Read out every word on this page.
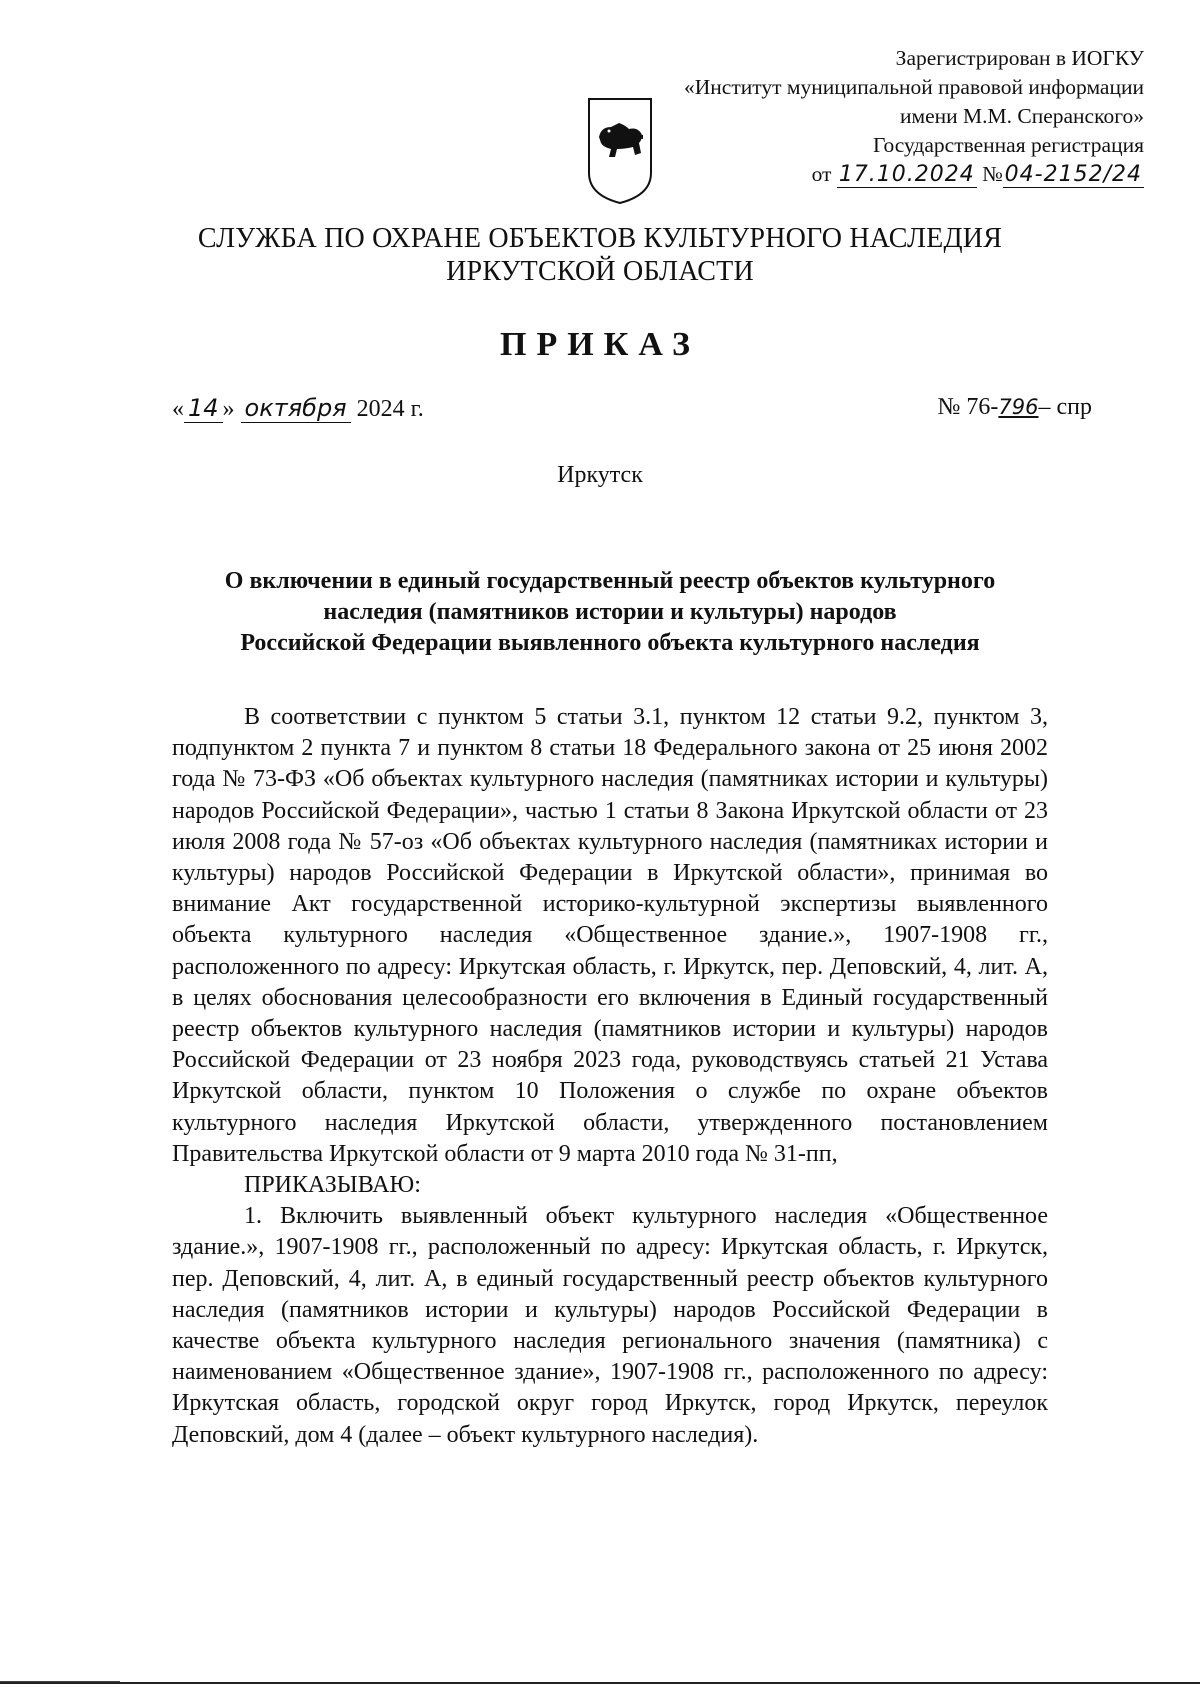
Зарегистрирован в ИОГКУ
«Институт муниципальной правовой информации
имени М.М. Сперанского»
Государственная регистрация
от 17.10.2024 №04-2152/24
СЛУЖБА ПО ОХРАНЕ ОБЪЕКТОВ КУЛЬТУРНОГО НАСЛЕДИЯ
ИРКУТСКОЙ ОБЛАСТИ
ПРИКАЗ
« 14 » октября 2024 г.	№ 76-796– спр
Иркутск
О включении в единый государственный реестр объектов культурного
наследия (памятников истории и культуры) народов
Российской Федерации выявленного объекта культурного наследия

В соответствии с пунктом 5 статьи 3.1, пунктом 12 статьи 9.2, пунктом 3, подпунктом 2 пункта 7 и пунктом 8 статьи 18 Федерального закона от 25 июня 2002 года № 73-ФЗ «Об объектах культурного наследия (памятниках истории и культуры) народов Российской Федерации», частью 1 статьи 8 Закона Иркутской области от 23 июля 2008 года № 57-оз «Об объектах культурного наследия (памятниках истории и культуры) народов Российской Федерации в Иркутской области», принимая во внимание Акт государственной историко-культурной экспертизы выявленного объекта культурного наследия «Общественное здание.», 1907-1908 гг., расположенного по адресу: Иркутская область, г. Иркутск, пер. Деповский, 4, лит. А, в целях обоснования целесообразности его включения в Единый государственный реестр объектов культурного наследия (памятников истории и культуры) народов Российской Федерации от 23 ноября 2023 года, руководствуясь статьей 21 Устава Иркутской области, пунктом 10 Положения о службе по охране объектов культурного наследия Иркутской области, утвержденного постановлением Правительства Иркутской области от 9 марта 2010 года № 31-пп,

ПРИКАЗЫВАЮ:

1. Включить выявленный объект культурного наследия «Общественное здание.», 1907-1908 гг., расположенный по адресу: Иркутская область, г. Иркутск, пер. Деповский, 4, лит. А, в единый государственный реестр объектов культурного наследия (памятников истории и культуры) народов Российской Федерации в качестве объекта культурного наследия регионального значения (памятника) с наименованием «Общественное здание», 1907-1908 гг., расположенного по адресу: Иркутская область, городской округ город Иркутск, город Иркутск, переулок Деповский, дом 4 (далее – объект культурного наследия).
